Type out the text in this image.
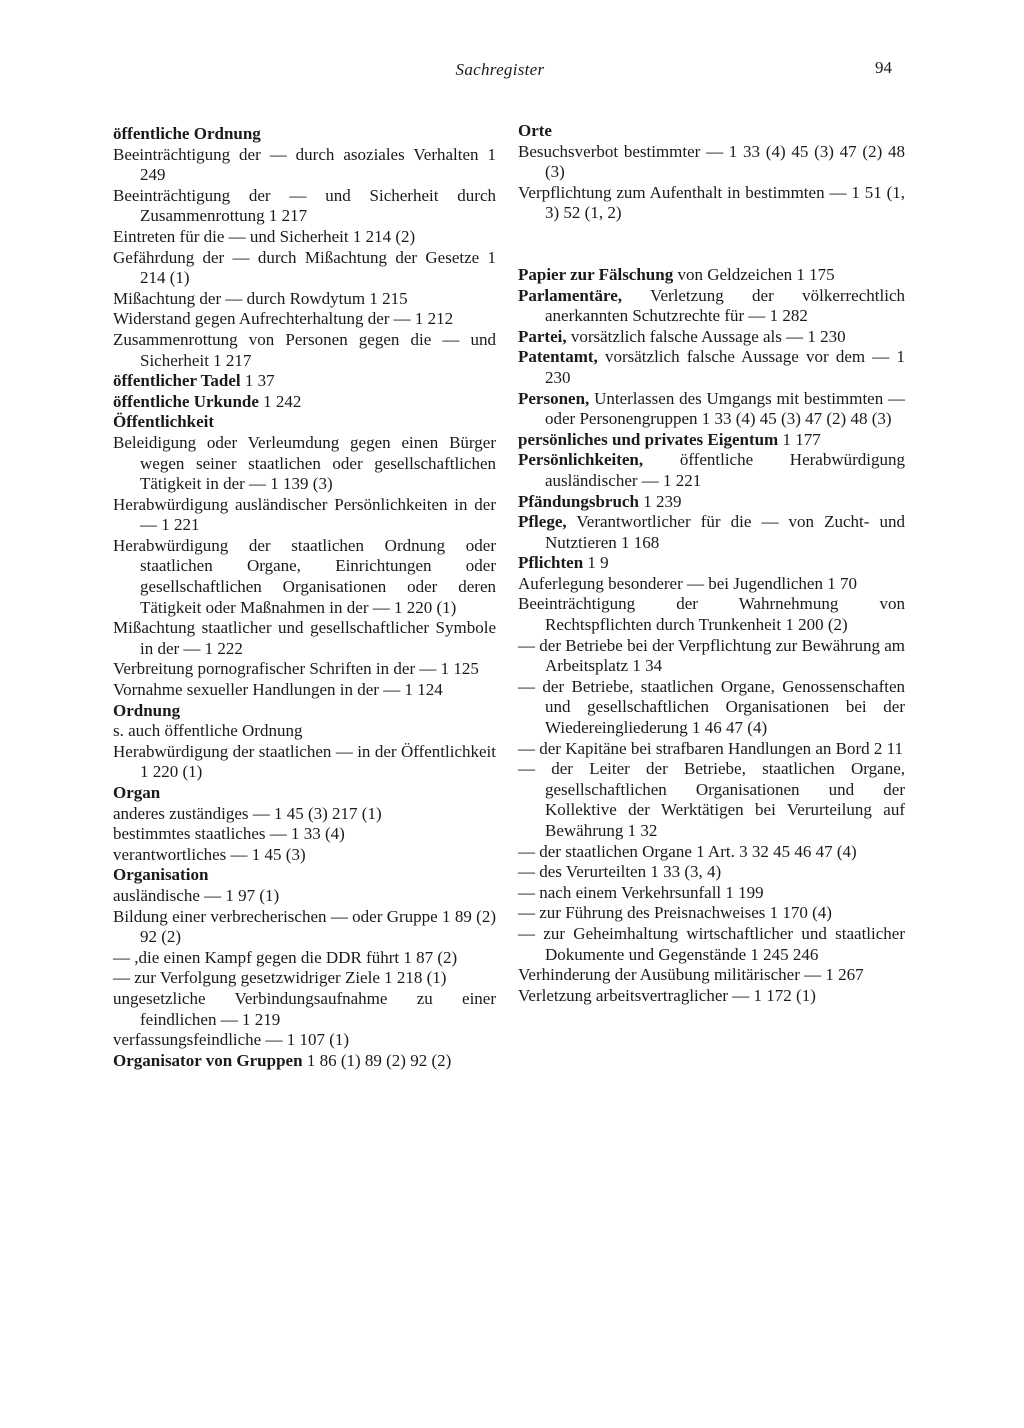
Sachregister	94
öffentliche Ordnung
Beeinträchtigung der — durch asoziales Verhalten 1 249
Beeinträchtigung der — und Sicherheit durch Zusammenrottung 1 217
Eintreten für die — und Sicherheit 1 214 (2)
Gefährdung der — durch Mißachtung der Gesetze 1 214 (1)
Mißachtung der — durch Rowdytum 1 215
Widerstand gegen Aufrechterhaltung der — 1 212
Zusammenrottung von Personen gegen die — und Sicherheit 1 217
öffentlicher Tadel 1 37
öffentliche Urkunde 1 242
Öffentlichkeit
Beleidigung oder Verleumdung gegen einen Bürger wegen seiner staatlichen oder gesellschaftlichen Tätigkeit in der — 1 139 (3)
Herabwürdigung ausländischer Persönlichkeiten in der — 1 221
Herabwürdigung der staatlichen Ordnung oder staatlichen Organe, Einrichtungen oder gesellschaftlichen Organisationen oder deren Tätigkeit oder Maßnahmen in der — 1 220 (1)
Mißachtung staatlicher und gesellschaftlicher Symbole in der — 1 222
Verbreitung pornografischer Schriften in der — 1 125
Vornahme sexueller Handlungen in der — 1 124
Ordnung
s. auch öffentliche Ordnung
Herabwürdigung der staatlichen — in der Öffentlichkeit 1 220 (1)
Organ
anderes zuständiges — 1 45 (3) 217 (1)
bestimmtes staatliches — 1 33 (4)
verantwortliches — 1 45 (3)
Organisation
ausländische — 1 97 (1)
Bildung einer verbrecherischen — oder Gruppe 1 89 (2) 92 (2)
— ,die einen Kampf gegen die DDR führt 1 87 (2)
— zur Verfolgung gesetzwidriger Ziele 1 218 (1)
ungesetzliche Verbindungsaufnahme zu einer feindlichen — 1 219
verfassungsfeindliche — 1 107 (1)
Organisator von Gruppen 1 86 (1) 89 (2) 92 (2)
Orte
Besuchsverbot bestimmter — 1 33 (4) 45 (3) 47 (2) 48 (3)
Verpflichtung zum Aufenthalt in bestimmten — 1 51 (1, 3) 52 (1, 2)
Papier zur Fälschung von Geldzeichen 1 175
Parlamentäre, Verletzung der völkerrechtlich anerkannten Schutzrechte für — 1 282
Partei, vorsätzlich falsche Aussage als — 1 230
Patentamt, vorsätzlich falsche Aussage vor dem — 1 230
Personen, Unterlassen des Umgangs mit bestimmten — oder Personengruppen 1 33 (4) 45 (3) 47 (2) 48 (3)
persönliches und privates Eigentum 1 177
Persönlichkeiten, öffentliche Herabwürdigung ausländischer — 1 221
Pfändungsbruch 1 239
Pflege, Verantwortlicher für die — von Zucht- und Nutztieren 1 168
Pflichten 1 9
Auferlegung besonderer — bei Jugendlichen 1 70
Beeinträchtigung der Wahrnehmung von Rechtspflichten durch Trunkenheit 1 200 (2)
— der Betriebe bei der Verpflichtung zur Bewährung am Arbeitsplatz 1 34
— der Betriebe, staatlichen Organe, Genossenschaften und gesellschaftlichen Organisationen bei der Wiedereingliederung 1 46 47 (4)
— der Kapitäne bei strafbaren Handlungen an Bord 2 11
— der Leiter der Betriebe, staatlichen Organe, gesellschaftlichen Organisationen und der Kollektive der Werktätigen bei Verurteilung auf Bewährung 1 32
— der staatlichen Organe 1 Art. 3 32 45 46 47 (4)
— des Verurteilten 1 33 (3, 4)
— nach einem Verkehrsunfall 1 199
— zur Führung des Preisnachweises 1 170 (4)
— zur Geheimhaltung wirtschaftlicher und staatlicher Dokumente und Gegenstände 1 245 246
Verhinderung der Ausübung militärischer — 1 267
Verletzung arbeitsvertraglicher — 1 172 (1)
